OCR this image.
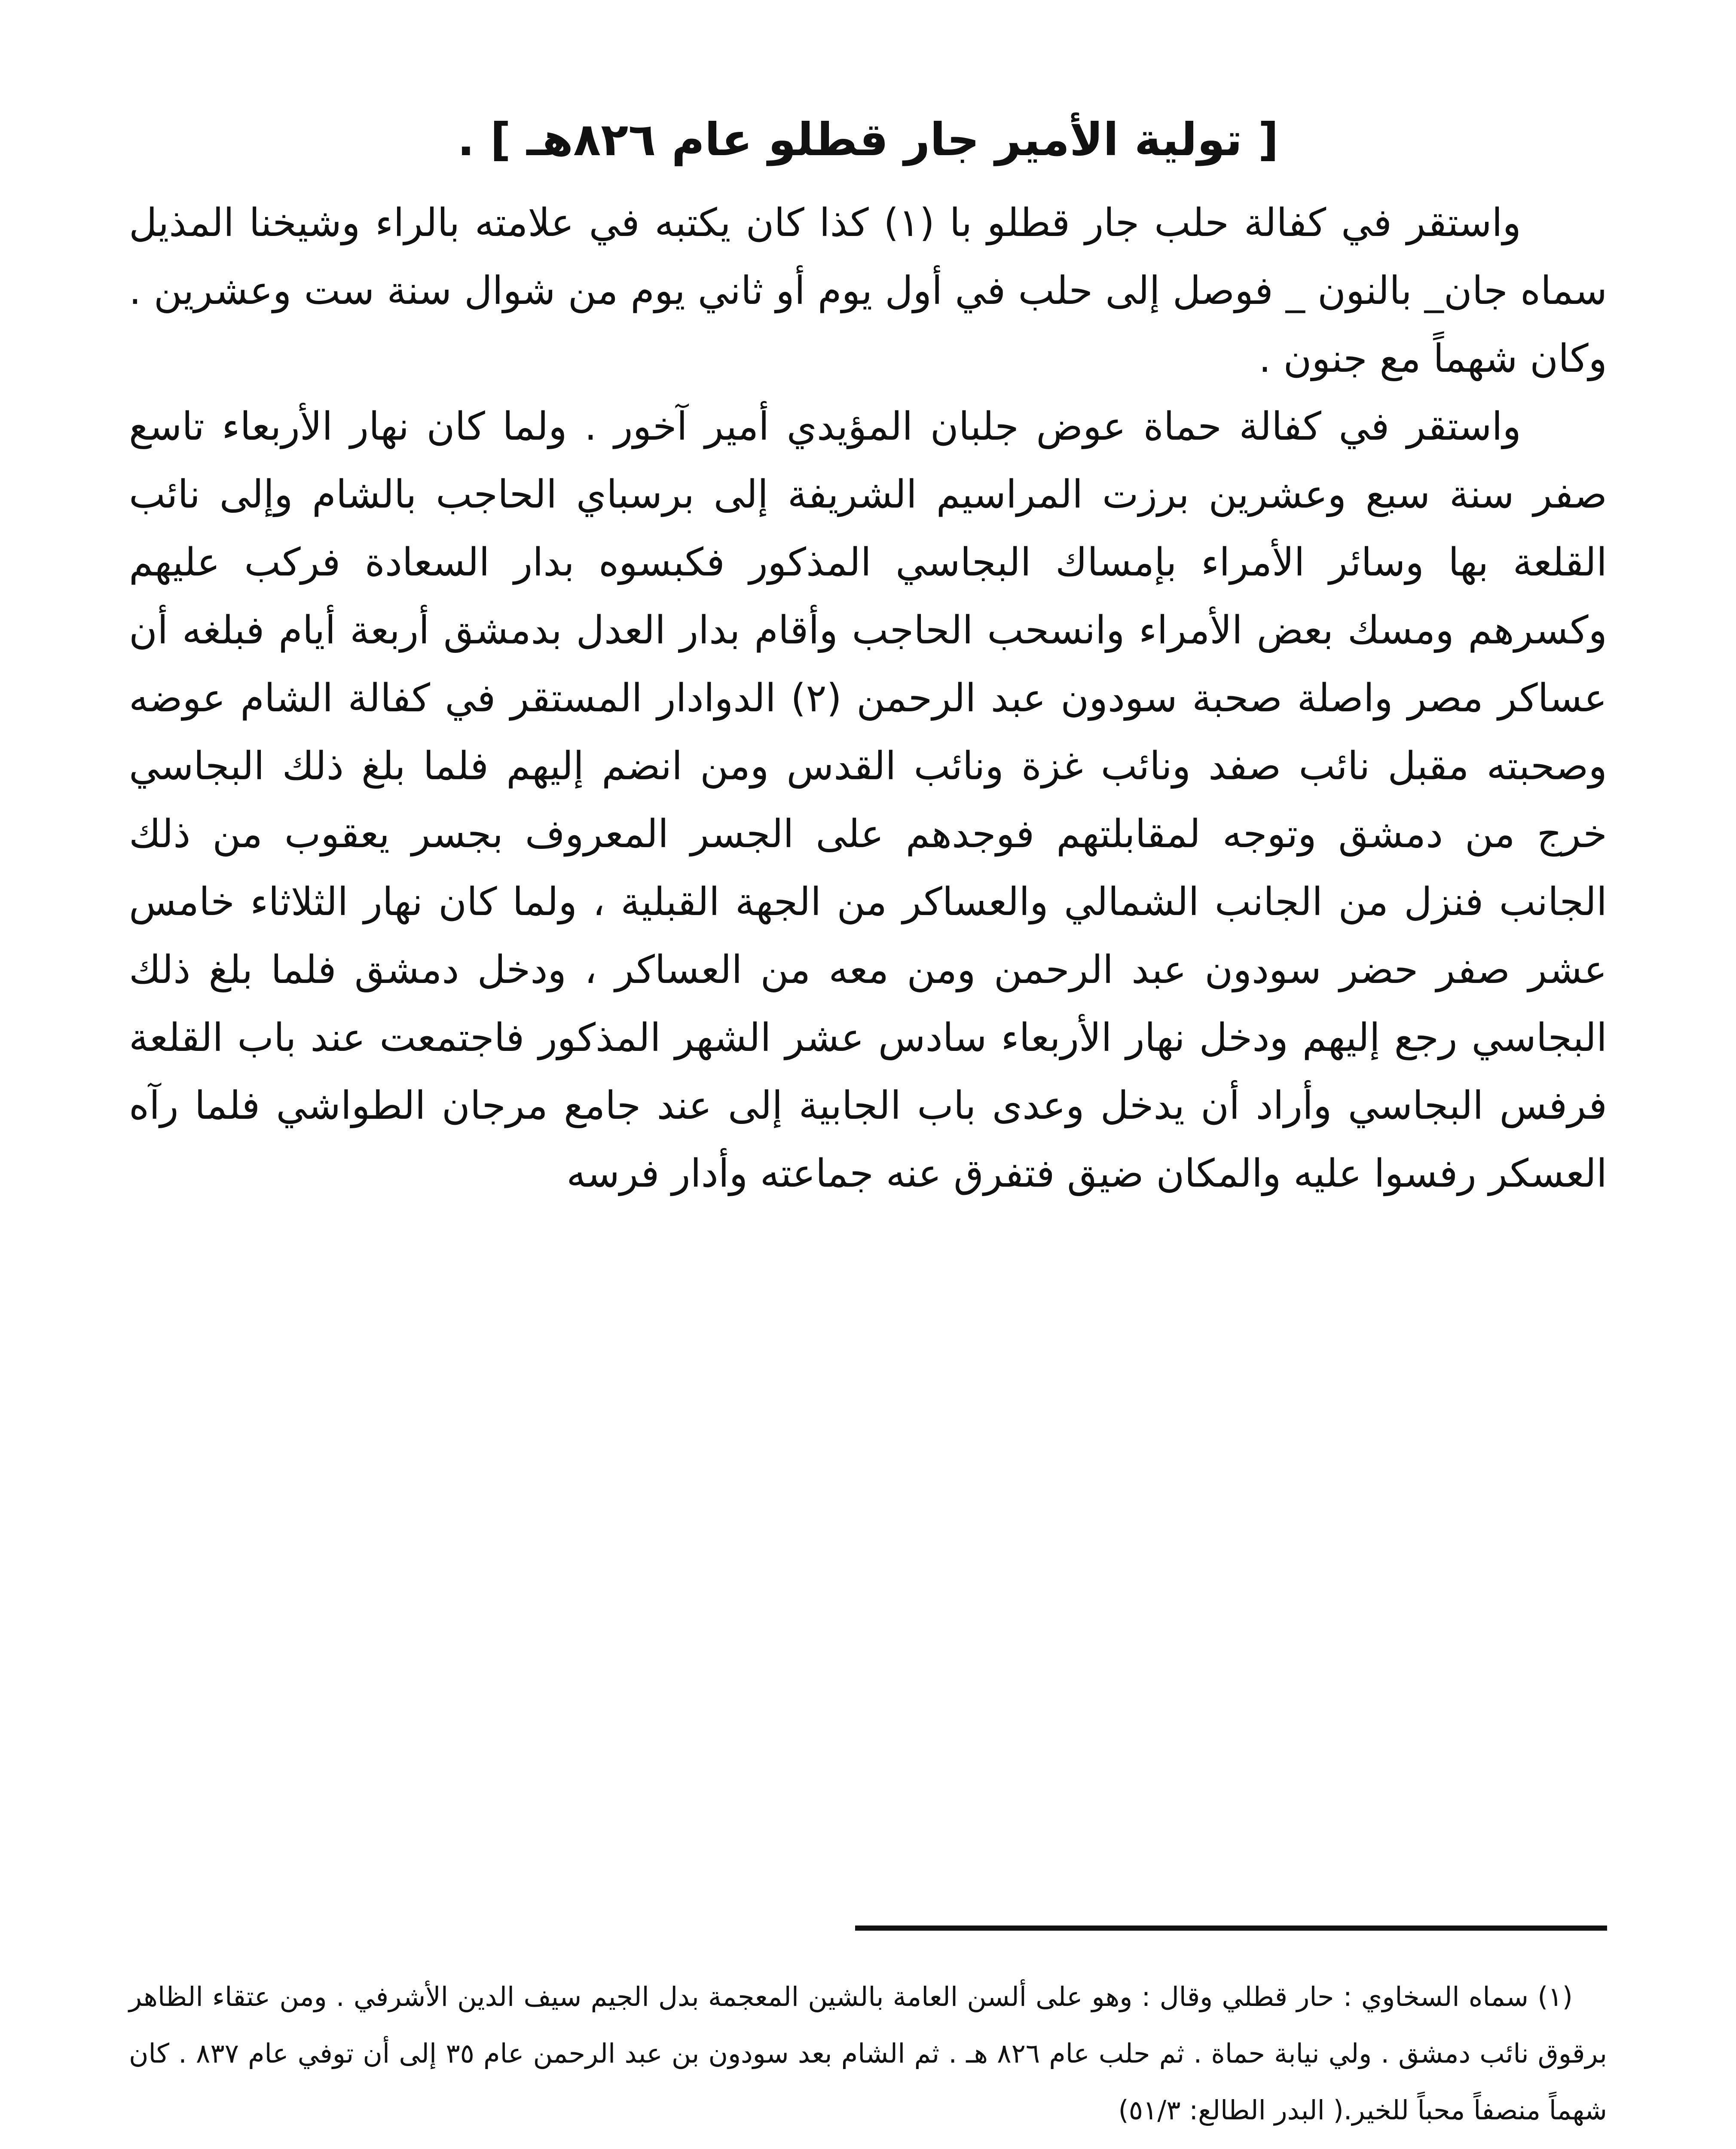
[ تولية الأمير جار قطلو عام ٨٢٦هـ ] .

واستقر في كفالة حلب جار قطلو با (١) كذا كان يكتبه في علامته بالراء وشيخنا المذيل سماه جان_ بالنون _ فوصل إلى حلب في أول يوم أو ثاني يوم من شوال سنة ست وعشرين . وكان شهماً مع جنون .

واستقر في كفالة حماة عوض جلبان المؤيدي أمير آخور . ولما كان نهار الأربعاء تاسع صفر سنة سبع وعشرين برزت المراسيم الشريفة إلى برسباي الحاجب بالشام وإلى نائب القلعة بها وسائر الأمراء بإمساك البجاسي المذكور فكبسوه بدار السعادة فركب عليهم وكسرهم ومسك بعض الأمراء وانسحب الحاجب وأقام بدار العدل بدمشق أربعة أيام فبلغه أن عساكر مصر واصلة صحبة سودون عبد الرحمن (٢) الدوادار المستقر في كفالة الشام عوضه وصحبته مقبل نائب صفد ونائب غزة ونائب القدس ومن انضم إليهم فلما بلغ ذلك البجاسي خرج من دمشق وتوجه لمقابلتهم فوجدهم على الجسر المعروف بجسر يعقوب من ذلك الجانب فنزل من الجانب الشمالي والعساكر من الجهة القبلية ، ولما كان نهار الثلاثاء خامس عشر صفر حضر سودون عبد الرحمن ومن معه من العساكر ، ودخل دمشق فلما بلغ ذلك البجاسي رجع إليهم ودخل نهار الأربعاء سادس عشر الشهر المذكور فاجتمعت عند باب القلعة فرفس البجاسي وأراد أن يدخل وعدى باب الجابية إلى عند جامع مرجان الطواشي فلما رآه العسكر رفسوا عليه والمكان ضيق فتفرق عنه جماعته وأدار فرسه

(١) سماه السخاوي : حار قطلي وقال : وهو على ألسن العامة بالشين المعجمة بدل الجيم سيف الدين الأشرفي . ومن عتقاء الظاهر برقوق نائب دمشق . ولي نيابة حماة . ثم حلب عام ٨٢٦ هـ . ثم الشام بعد سودون بن عبد الرحمن عام ٣٥ إلى أن توفي عام ٨٣٧ . كان شهماً منصفاً محباً للخير.( البدر الطالع: ٥١/٣)
